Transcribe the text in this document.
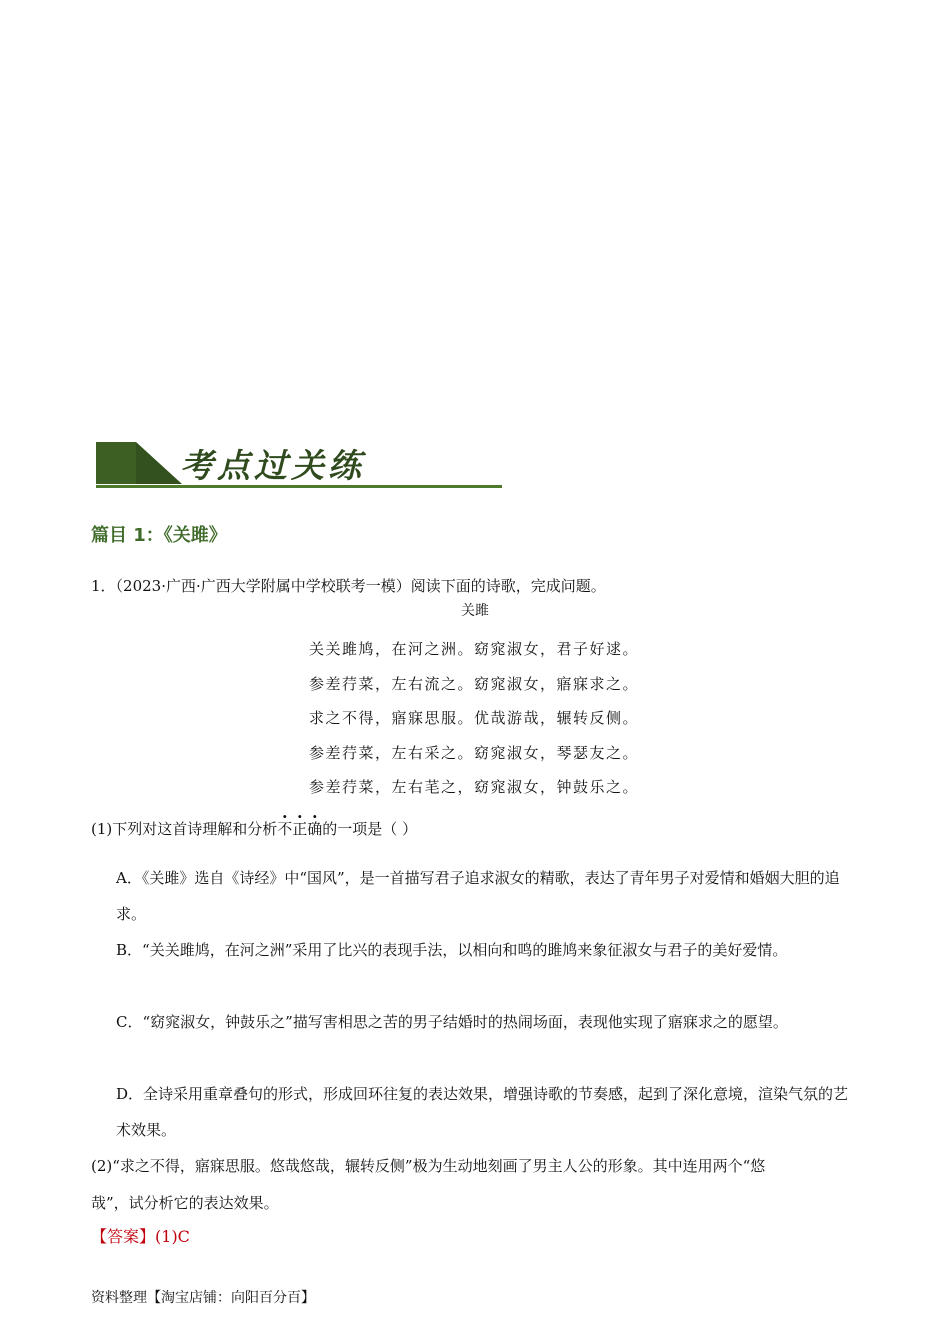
考点过关练
篇目 1：《关雎》
1．（2023·广西·广西大学附属中学校联考一模）阅读下面的诗歌，完成问题。
关雎
关关雎鸠，在河之洲。窈窕淑女，君子好逑。
参差荇菜，左右流之。窈窕淑女，寤寐求之。
求之不得，寤寐思服。优哉游哉，辗转反侧。
参差荇菜，左右采之。窈窕淑女，琴瑟友之。
参差荇菜，左右芼之，窈窕淑女，钟鼓乐之。
(1)下列对这首诗理解和分析不正确的一项是（ ）
A．《关雎》选自《诗经》中“国风”，是一首描写君子追求淑女的精歌，表达了青年男子对爱情和婚姻大胆的追求。
B．“关关雎鸠，在河之洲”采用了比兴的表现手法，以相向和鸣的雎鸠来象征淑女与君子的美好爱情。
C．“窈窕淑女，钟鼓乐之”描写害相思之苦的男子结婚时的热闹场面，表现他实现了寤寐求之的愿望。
D．全诗采用重章叠句的形式，形成回环往复的表达效果，增强诗歌的节奏感，起到了深化意境，渲染气氛的艺术效果。
(2)“求之不得，寤寐思服。悠哉悠哉，辗转反侧”极为生动地刻画了男主人公的形象。其中连用两个“悠
哉”，试分析它的表达效果。
【答案】(1)C
资料整理【淘宝店铺：向阳百分百】
